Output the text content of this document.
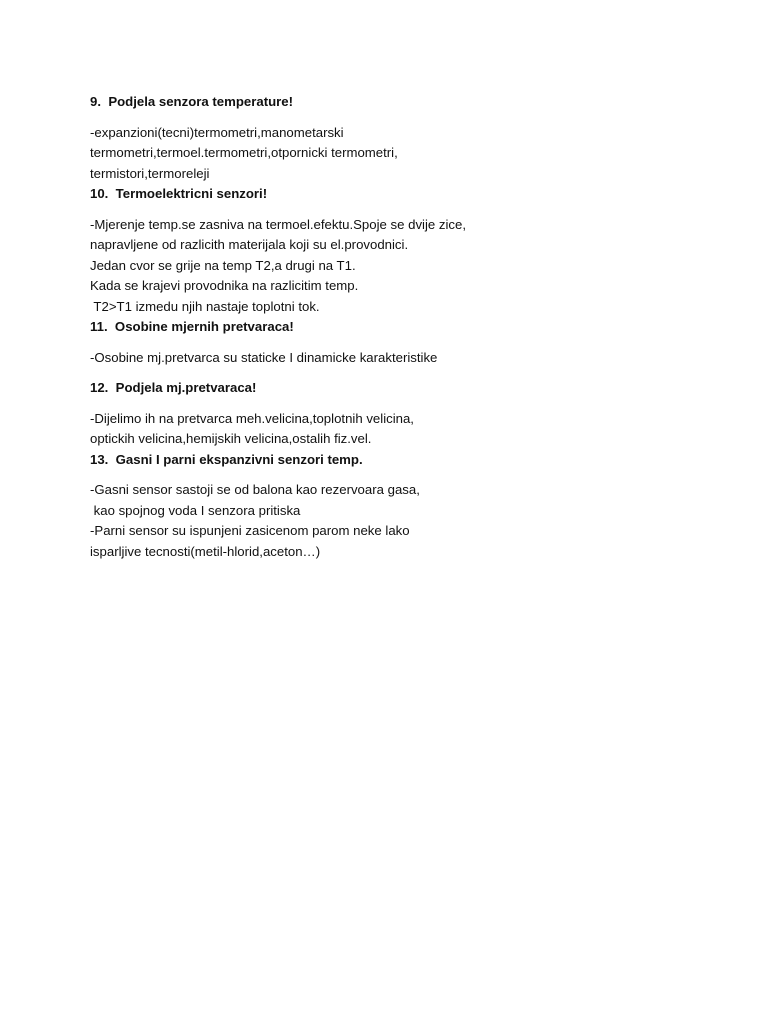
9.  Podjela senzora temperature!
-expanzioni(tecni)termometri,manometarski
termometri,termoel.termometri,otpornicki termometri,
termistori,termoreleji
10.  Termoelektricni senzori!
-Mjerenje temp.se zasniva na termoel.efektu.Spoje se dvije zice,
napravljene od razlicith materijala koji su el.provodnici.
Jedan cvor se grije na temp T2,a drugi na T1.
Kada se krajevi provodnika na razlicitim temp.
T2>T1 izmedu njih nastaje toplotni tok.
11.  Osobine mjernih pretvaraca!
-Osobine mj.pretvarca su staticke I dinamicke karakteristike
12.  Podjela mj.pretvaraca!
-Dijelimo ih na pretvarca meh.velicina,toplotnih velicina,
optickih velicina,hemijskih velicina,ostalih fiz.vel.
13.  Gasni I parni ekspanzivni senzori temp.
-Gasni sensor sastoji se od balona kao rezervoara gasa,
kao spojnog voda I senzora pritiska
-Parni sensor su ispunjeni zasicenom parom neke lako
isparljive tecnosti(metil-hlorid,aceton…)
